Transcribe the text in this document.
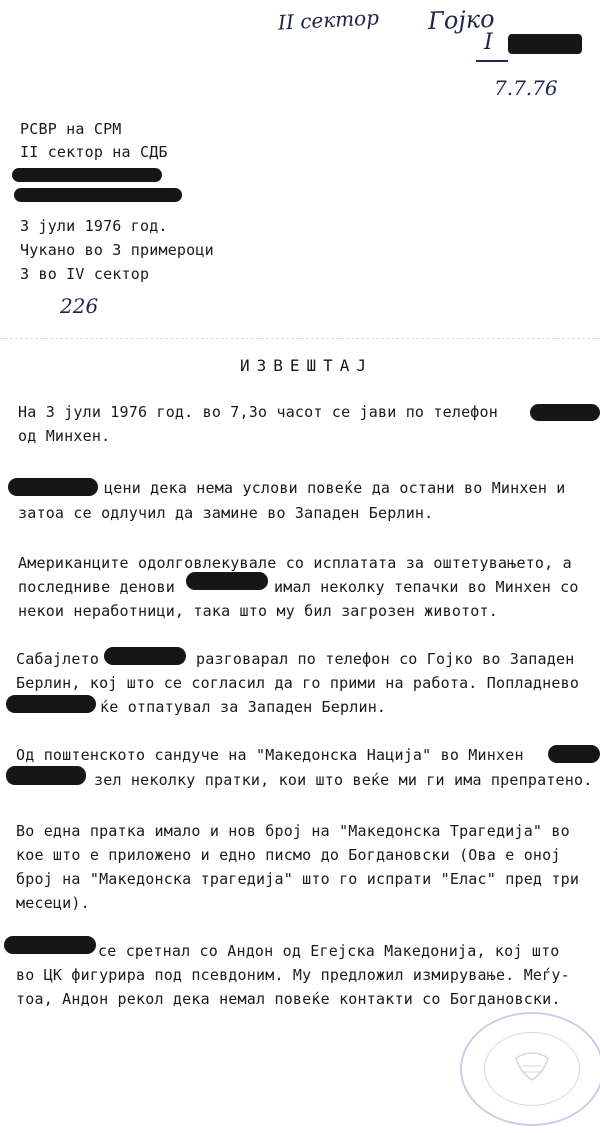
II сектор Гојко
I
7.7.76
РСВР на СРМ
II сектор на СДБ
3 јули 1976 год.
Чукано во 3 примероци
3 во IV сектор
226
ИЗВЕШТАЈ
На 3 јули 1976 год. во 7,3о часот се јави по телефон
од Минхен.
цени дека нема услови повеќе да остани во Минхен и
затоа се одлучил да замине во Западен Берлин.
Американците одолговлекувале со исплатата за оштетувањето, а
последниве денови	имал неколку тепачки во Минхен со
некои неработници, така што му бил загрозен животот.
Сабајлето	разговарал по телефон со Гојко во Западен
Берлин, кој што се согласил да го прими на работа. Попладнево
ќе отпатувал за Западен Берлин.
Од поштенското сандуче на "Македонска Нација" во Минхен
зел неколку пратки, кои што веќе ми ги има препратено.
Во една пратка имало и нов број на "Македонска Трагедија" во
кое што е приложено и едно писмо до Богдановски (Ова е оној
број на "Македонска трагедија" што го испрати "Елас" пред три
месеци).
се сретнал со Андон од Егејска Македонија, кој што
во ЦК фигурира под псевдоним. Му предложил измирување. Меѓу-
тоа, Андон рекол дека немал повеќе контакти со Богдановски.
